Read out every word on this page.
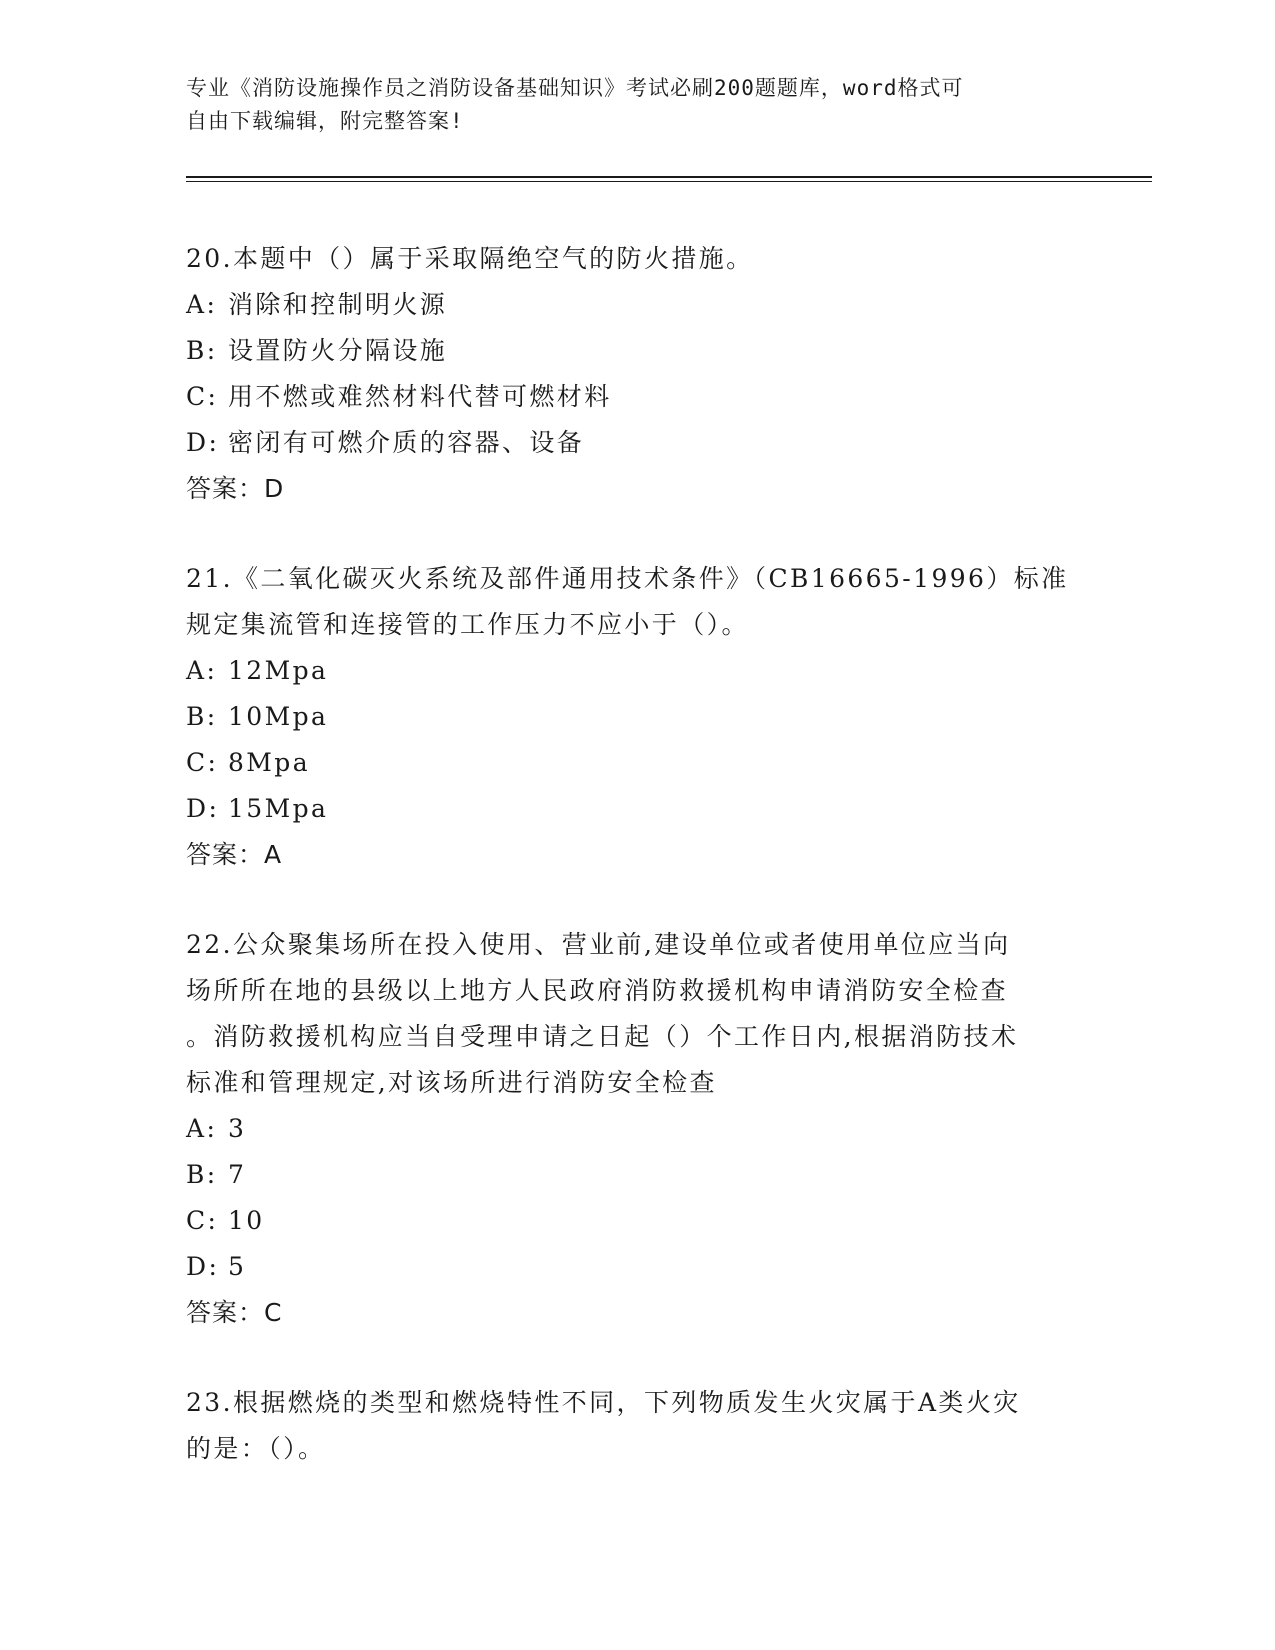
专业《消防设施操作员之消防设备基础知识》考试必刷200题题库，word格式可
自由下载编辑，附完整答案!

20.本题中（）属于采取隔绝空气的防火措施。

A: 消除和控制明火源

B: 设置防火分隔设施

C: 用不燃或难然材料代替可燃材料

D: 密闭有可燃介质的容器、设备

答案：D

21.《二氧化碳灭火系统及部件通用技术条件》（CB16665-1996）标准

规定集流管和连接管的工作压力不应小于（）。

A: 12Mpa

B: 10Mpa

C: 8Mpa

D: 15Mpa

答案：A

22.公众聚集场所在投入使用、营业前,建设单位或者使用单位应当向

场所所在地的县级以上地方人民政府消防救援机构申请消防安全检查

。消防救援机构应当自受理申请之日起（）个工作日内,根据消防技术

标准和管理规定,对该场所进行消防安全检查

A: 3

B: 7

C: 10

D: 5

答案：C

23.根据燃烧的类型和燃烧特性不同，下列物质发生火灾属于A类火灾

的是：（）。
